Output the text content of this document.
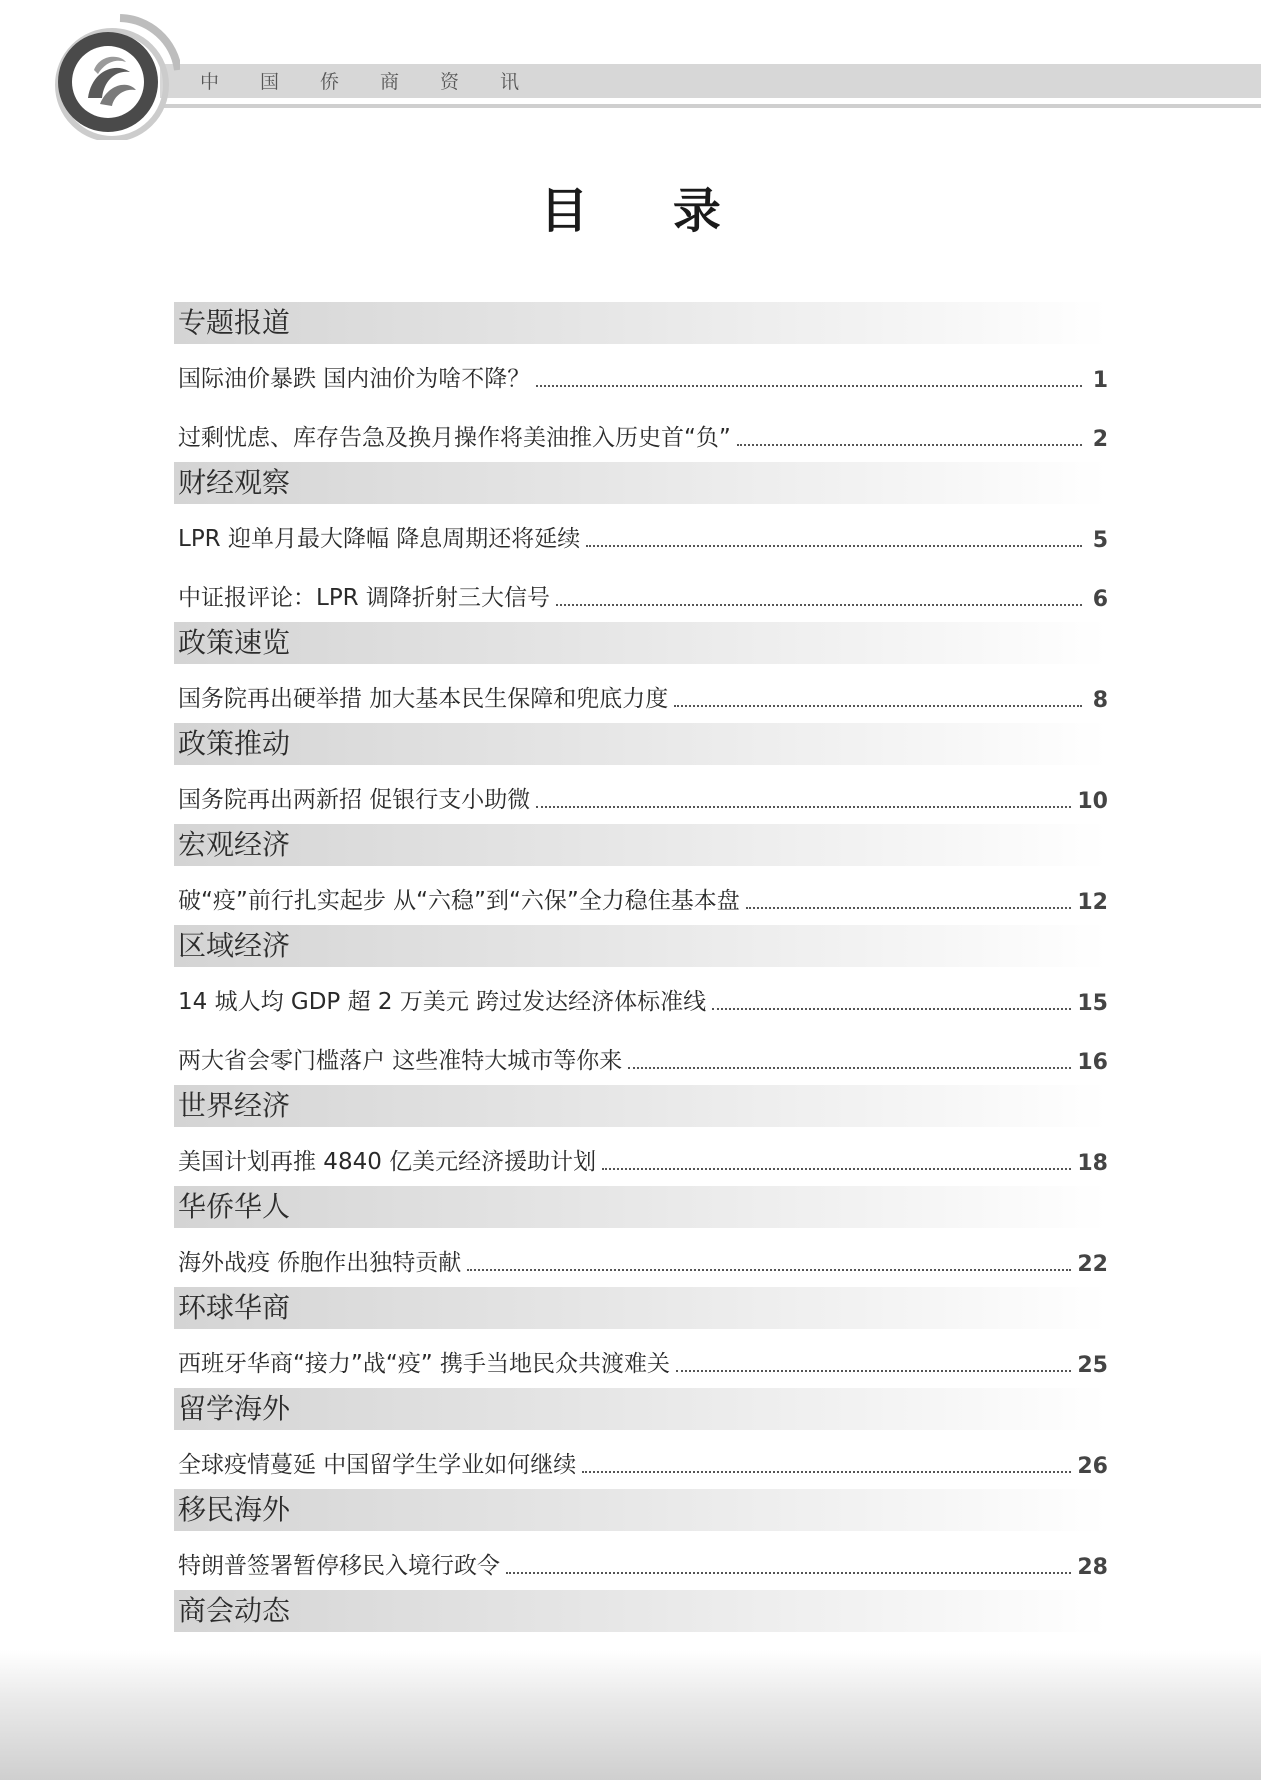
中	国	侨	商	资	讯
目 录
专题报道
国际油价暴跌 国内油价为啥不降？	1
过剩忧虑、库存告急及换月操作将美油推入历史首“负”	2
财经观察
LPR 迎单月最大降幅 降息周期还将延续	5
中证报评论：LPR 调降折射三大信号	6
政策速览
国务院再出硬举措 加大基本民生保障和兜底力度	8
政策推动
国务院再出两新招 促银行支小助微	10
宏观经济
破“疫”前行扎实起步 从“六稳”到“六保”全力稳住基本盘	12
区域经济
14 城人均 GDP 超 2 万美元 跨过发达经济体标准线	15
两大省会零门槛落户 这些准特大城市等你来	16
世界经济
美国计划再推 4840 亿美元经济援助计划	18
华侨华人
海外战疫 侨胞作出独特贡献	22
环球华商
西班牙华商“接力”战“疫” 携手当地民众共渡难关	25
留学海外
全球疫情蔓延 中国留学生学业如何继续	26
移民海外
特朗普签署暂停移民入境行政令	28
商会动态
